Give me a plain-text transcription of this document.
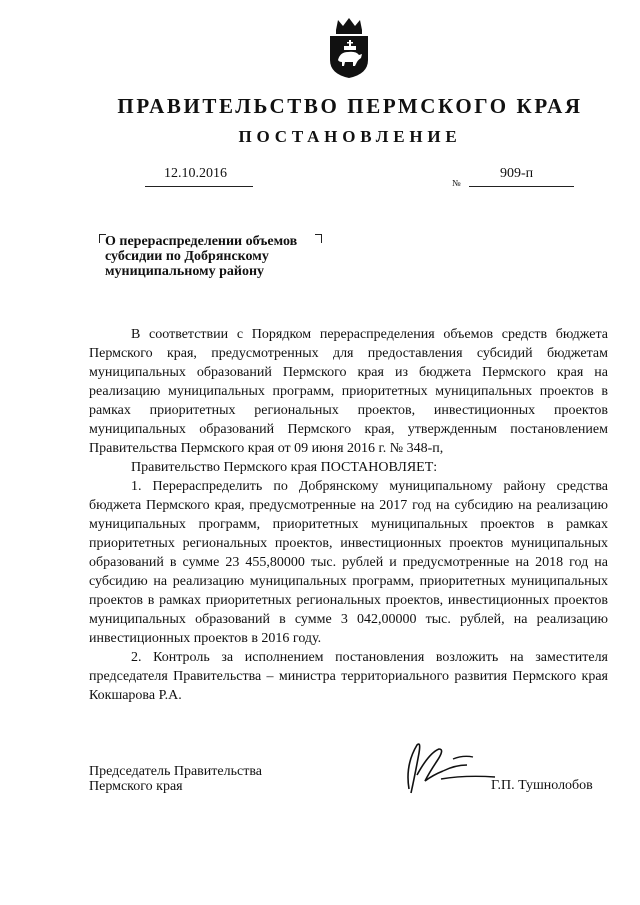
ПРАВИТЕЛЬСТВО ПЕРМСКОГО КРАЯ
ПОСТАНОВЛЕНИЕ
12.10.2016	909-п
№
О перераспределении объемов
субсидии по Добрянскому
муниципальному району

В соответствии с Порядком перераспределения объемов средств бюджета Пермского края, предусмотренных для предоставления субсидий бюджетам муниципальных образований Пермского края из бюджета Пермского края на реализацию муниципальных программ, приоритетных муниципальных проектов в рамках приоритетных региональных проектов, инвестиционных проектов муниципальных образований Пермского края, утвержденным постановлением Правительства Пермского края от 09 июня 2016 г. № 348-п,

Правительство Пермского края ПОСТАНОВЛЯЕТ:

1. Перераспределить по Добрянскому муниципальному району средства бюджета Пермского края, предусмотренные на 2017 год на субсидию на реализацию муниципальных программ, приоритетных муниципальных проектов в рамках приоритетных региональных проектов, инвестиционных проектов муниципальных образований в сумме 23 455,80000 тыс. рублей и предусмотренные на 2018 год на субсидию на реализацию муниципальных программ, приоритетных муниципальных проектов в рамках приоритетных региональных проектов, инвестиционных проектов муниципальных образований в сумме 3 042,00000 тыс. рублей, на реализацию инвестиционных проектов в 2016 году.

2. Контроль за исполнением постановления возложить на заместителя председателя Правительства – министра территориального развития Пермского края Кокшарова Р.А.

Председатель Правительства
Пермского края	Г.П. Тушнолобов
